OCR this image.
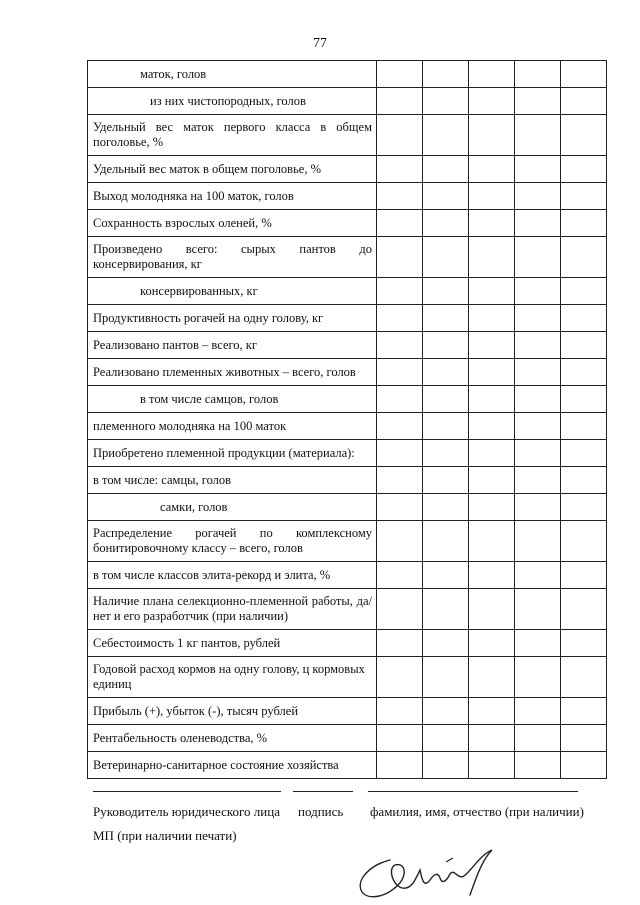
77
маток, голов					
из них чистопородных, голов					
Удельный вес маток первого класса в общем поголовье, %					
Удельный вес маток в общем поголовье, %					
Выход молодняка на 100 маток, голов					
Сохранность взрослых оленей, %					
Произведено всего: сырых пантов до консервирования, кг					
консервированных, кг					
Продуктивность рогачей на одну голову, кг					
Реализовано пантов – всего, кг					
Реализовано племенных животных – всего, голов					
в том числе самцов, голов					
племенного молодняка на 100 маток					
Приобретено племенной продукции (материала):					
в том числе: самцы, голов					
самки, голов					
Распределение рогачей по комплексному бонитировочному классу – всего, голов					
в том числе классов элита-рекорд и элита, %					
Наличие плана селекционно-племенной работы, да/нет и его разработчик (при наличии)					
Себестоимость 1 кг пантов, рублей					
Годовой расход кормов на одну голову, ц кормовых единиц					
Прибыль (+), убыток (-), тысяч рублей					
Рентабельность оленеводства, %					
Ветеринарно-санитарное состояние хозяйства					
Руководитель юридического лица подпись фамилия, имя, отчество (при наличии)
МП (при наличии печати)
